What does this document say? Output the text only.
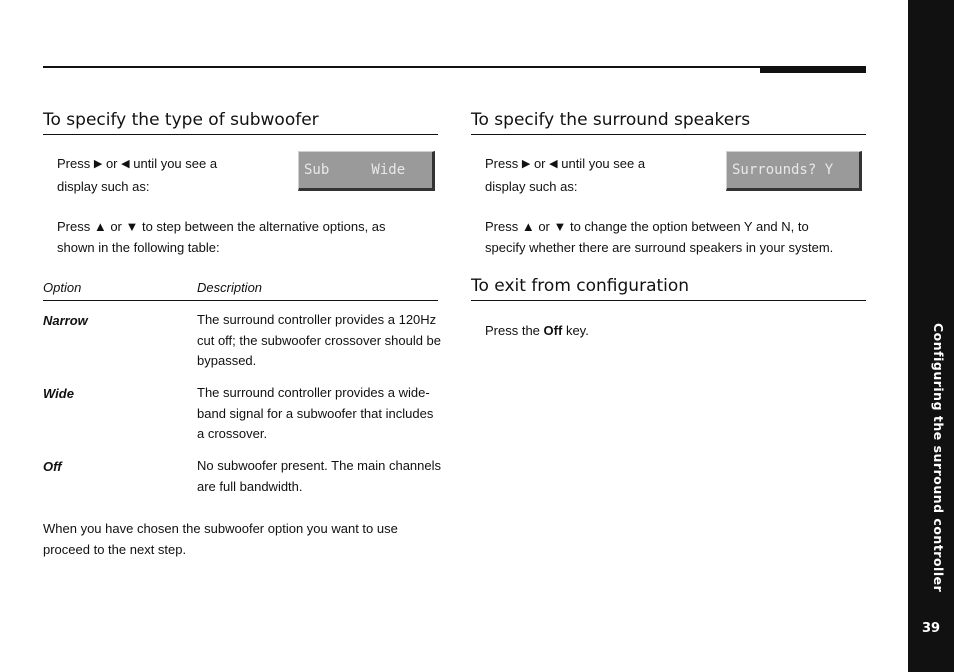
Configuring the surround controller
39
To specify the type of subwoofer
Press ▶ or ◀ until you see a
display such as:
Sub     Wide
Press ▲ or ▼ to step between the alternative options, as
shown in the following table:
Option	Description
Narrow	The surround controller provides a 120Hz cut off; the subwoofer crossover should be bypassed.
Wide	The surround controller provides a wide-band signal for a subwoofer that includes a crossover.
Off	No subwoofer present. The main channels are full bandwidth.
When you have chosen the subwoofer option you want to use
proceed to the next step.
To specify the surround speakers
Press ▶ or ◀ until you see a
display such as:
Surrounds? Y
Press ▲ or ▼ to change the option between Y and N, to
specify whether there are surround speakers in your system.
To exit from configuration
Press the Off key.
